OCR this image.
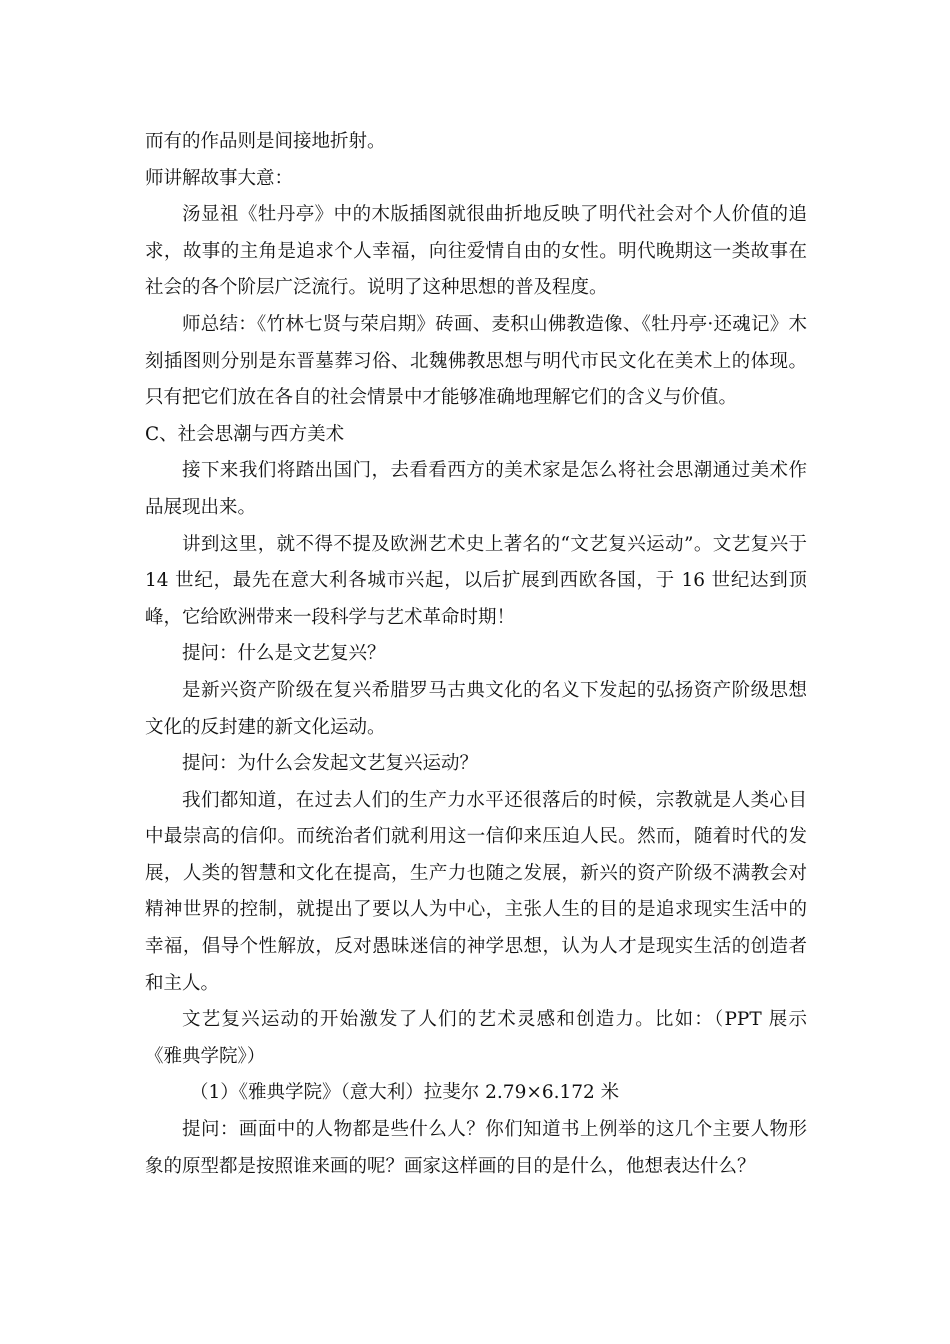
而有的作品则是间接地折射。

师讲解故事大意：

汤显祖《牡丹亭》中的木版插图就很曲折地反映了明代社会对个人价值的追求，故事的主角是追求个人幸福，向往爱情自由的女性。明代晚期这一类故事在社会的各个阶层广泛流行。说明了这种思想的普及程度。

师总结：《竹林七贤与荣启期》砖画、麦积山佛教造像、《牡丹亭·还魂记》木刻插图则分别是东晋墓葬习俗、北魏佛教思想与明代市民文化在美术上的体现。只有把它们放在各自的社会情景中才能够准确地理解它们的含义与价值。

C、社会思潮与西方美术

接下来我们将踏出国门，去看看西方的美术家是怎么将社会思潮通过美术作品展现出来。

讲到这里，就不得不提及欧洲艺术史上著名的“文艺复兴运动”。文艺复兴于 14 世纪，最先在意大利各城市兴起，以后扩展到西欧各国，于 16 世纪达到顶峰，它给欧洲带来一段科学与艺术革命时期！

提问：什么是文艺复兴？

是新兴资产阶级在复兴希腊罗马古典文化的名义下发起的弘扬资产阶级思想文化的反封建的新文化运动。

提问：为什么会发起文艺复兴运动？

我们都知道，在过去人们的生产力水平还很落后的时候，宗教就是人类心目中最崇高的信仰。而统治者们就利用这一信仰来压迫人民。然而，随着时代的发展，人类的智慧和文化在提高，生产力也随之发展，新兴的资产阶级不满教会对精神世界的控制，就提出了要以人为中心，主张人生的目的是追求现实生活中的幸福，倡导个性解放，反对愚昧迷信的神学思想，认为人才是现实生活的创造者和主人。

文艺复兴运动的开始激发了人们的艺术灵感和创造力。比如：（PPT 展示《雅典学院》）

（1）《雅典学院》（意大利）拉斐尔 2.79×6.172 米

提问：画面中的人物都是些什么人？你们知道书上例举的这几个主要人物形象的原型都是按照谁来画的呢？画家这样画的目的是什么，他想表达什么？
